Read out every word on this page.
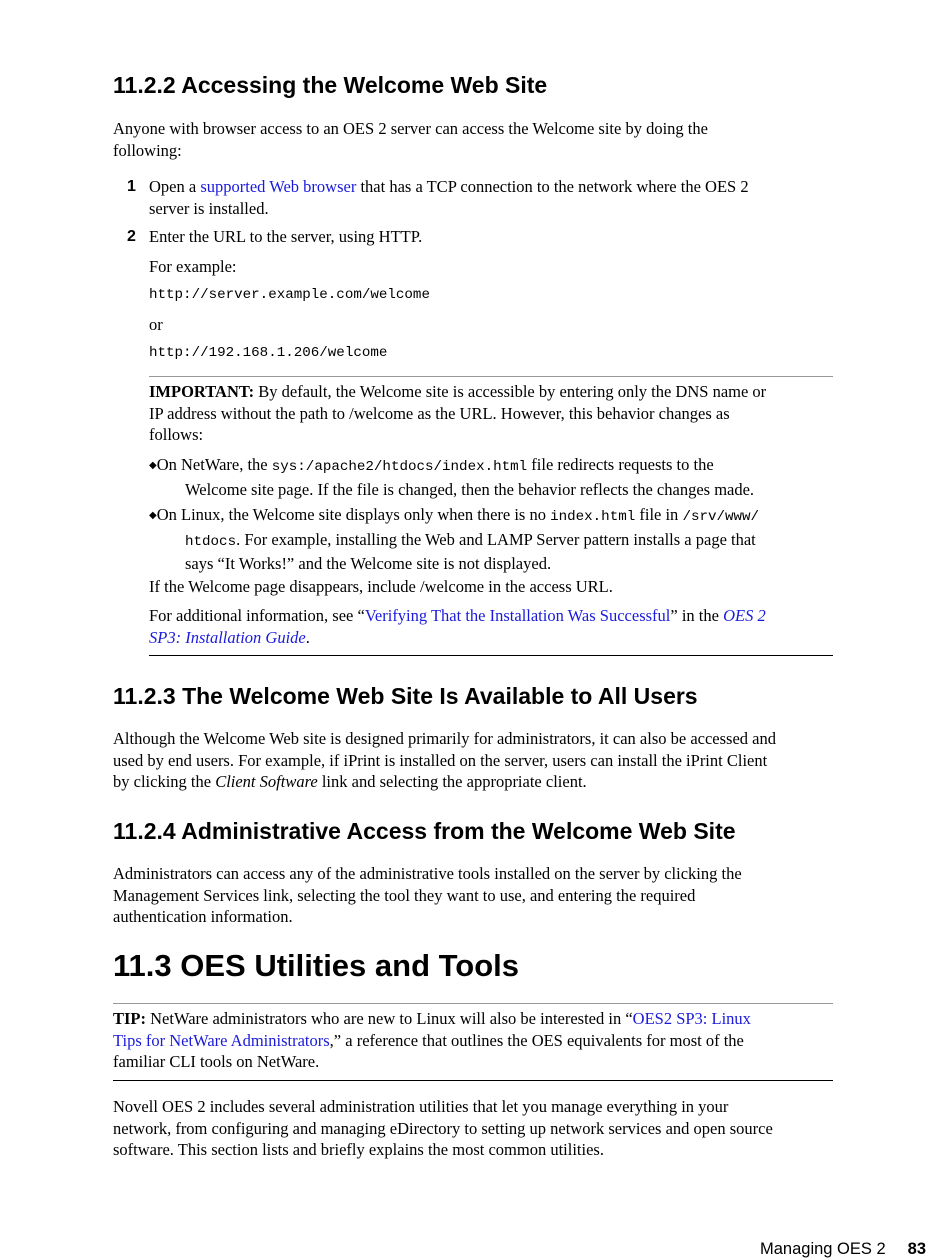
11.2.2 Accessing the Welcome Web Site
Anyone with browser access to an OES 2 server can access the Welcome site by doing the
following:
1 Open a supported Web browser that has a TCP connection to the network where the OES 2
server is installed.
2 Enter the URL to the server, using HTTP.
For example:
http://server.example.com/welcome
or
http://192.168.1.206/welcome
IMPORTANT: By default, the Welcome site is accessible by entering only the DNS name or
IP address without the path to /welcome as the URL. However, this behavior changes as
follows:
◆On NetWare, the sys:/apache2/htdocs/index.html file redirects requests to the
Welcome site page. If the file is changed, then the behavior reflects the changes made.
◆On Linux, the Welcome site displays only when there is no index.html file in /srv/www/
htdocs. For example, installing the Web and LAMP Server pattern installs a page that
says “It Works!” and the Welcome site is not displayed.
If the Welcome page disappears, include /welcome in the access URL.
For additional information, see “Verifying That the Installation Was Successful” in the OES 2
SP3: Installation Guide.
11.2.3 The Welcome Web Site Is Available to All Users
Although the Welcome Web site is designed primarily for administrators, it can also be accessed and
used by end users. For example, if iPrint is installed on the server, users can install the iPrint Client
by clicking the Client Software link and selecting the appropriate client.
11.2.4 Administrative Access from the Welcome Web Site
Administrators can access any of the administrative tools installed on the server by clicking the
Management Services link, selecting the tool they want to use, and entering the required
authentication information.
11.3 OES Utilities and Tools
TIP: NetWare administrators who are new to Linux will also be interested in “OES2 SP3: Linux
Tips for NetWare Administrators,” a reference that outlines the OES equivalents for most of the
familiar CLI tools on NetWare.
Novell OES 2 includes several administration utilities that let you manage everything in your
network, from configuring and managing eDirectory to setting up network services and open source
software. This section lists and briefly explains the most common utilities.
Managing OES 2 83
